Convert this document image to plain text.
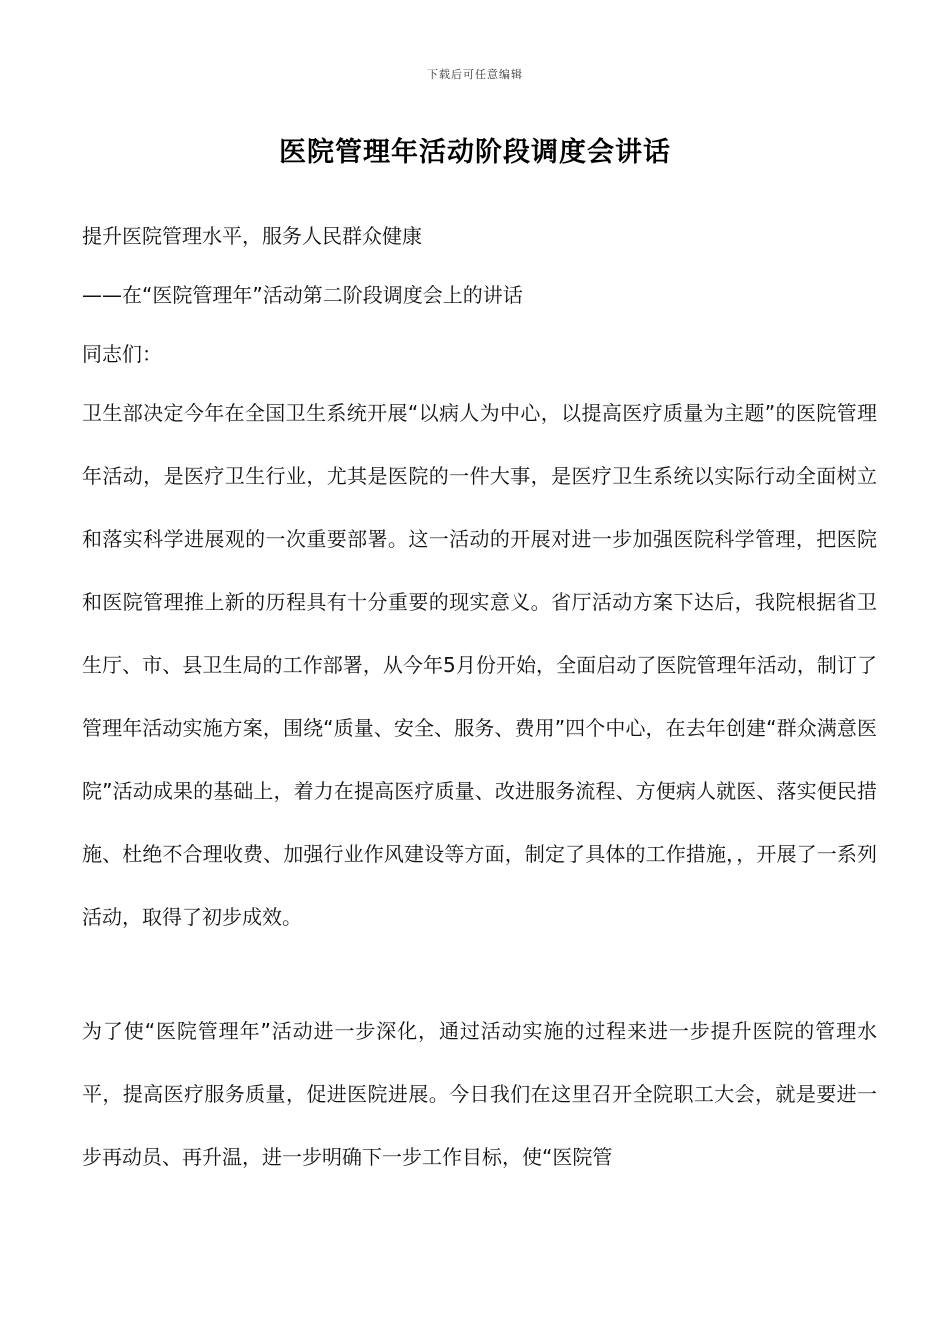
下载后可任意编辑
医院管理年活动阶段调度会讲话

提升医院管理水平，服务人民群众健康

——在“医院管理年”活动第二阶段调度会上的讲话

同志们：

卫生部决定今年在全国卫生系统开展“以病人为中心，以提高医疗质量为主题”的医院管理年活动，是医疗卫生行业，尤其是医院的一件大事，是医疗卫生系统以实际行动全面树立和落实科学进展观的一次重要部署。这一活动的开展对进一步加强医院科学管理，把医院和医院管理推上新的历程具有十分重要的现实意义。省厅活动方案下达后，我院根据省卫生厅、市、县卫生局的工作部署，从今年5月份开始，全面启动了医院管理年活动，制订了管理年活动实施方案，围绕“质量、安全、服务、费用”四个中心，在去年创建“群众满意医院”活动成果的基础上，着力在提高医疗质量、改进服务流程、方便病人就医、落实便民措施、杜绝不合理收费、加强行业作风建设等方面，制定了具体的工作措施，，开展了一系列活动，取得了初步成效。

为了使“医院管理年”活动进一步深化，通过活动实施的过程来进一步提升医院的管理水平，提高医疗服务质量，促进医院进展。今日我们在这里召开全院职工大会，就是要进一步再动员、再升温，进一步明确下一步工作目标，使“医院管
